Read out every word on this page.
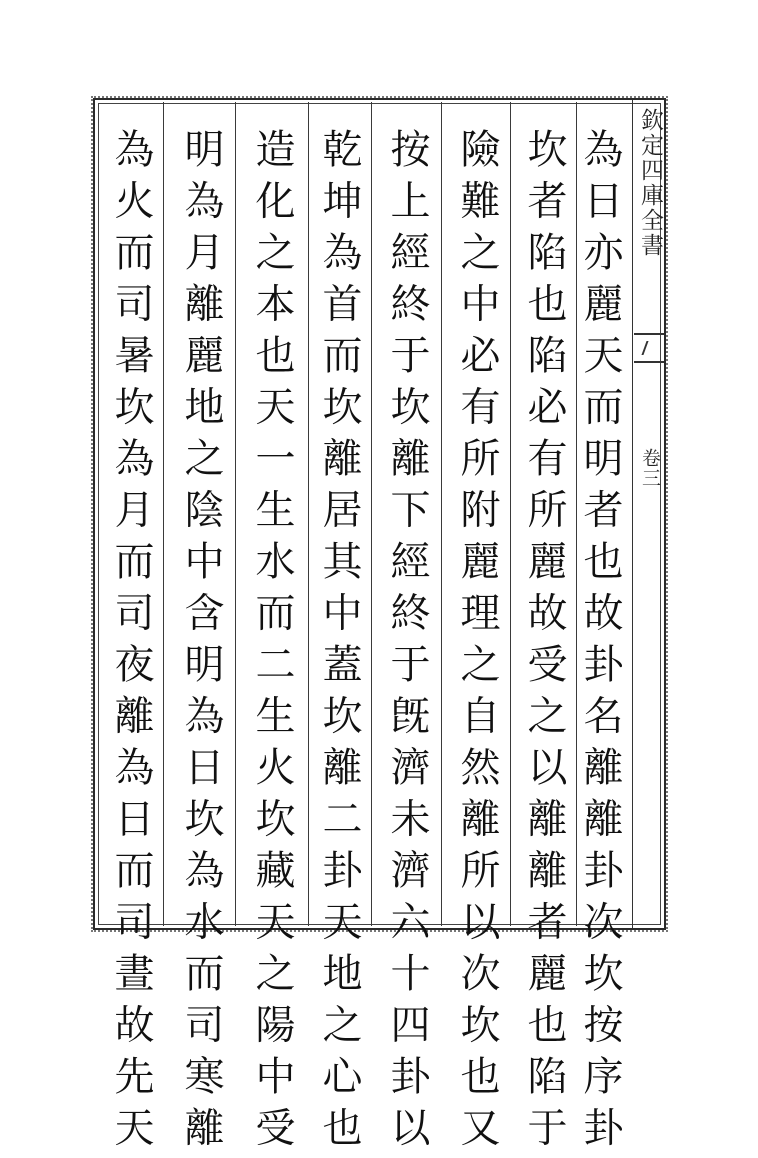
欽定四庫全書
卷三
為日亦麗天而明者也故卦名離離卦次坎按序卦
坎者陷也陷必有所麗故受之以離離者麗也陷于
險難之中必有所附麗理之自然離所以次坎也又
按上經終于坎離下經終于旣濟未濟六十四卦以
乾坤為首而坎離居其中蓋坎離二卦天地之心也
造化之本也天一生水而二生火坎藏天之陽中受
明為月離麗地之陰中含明為日坎為水而司寒離
為火而司暑坎為月而司夜離為日而司晝故先天
